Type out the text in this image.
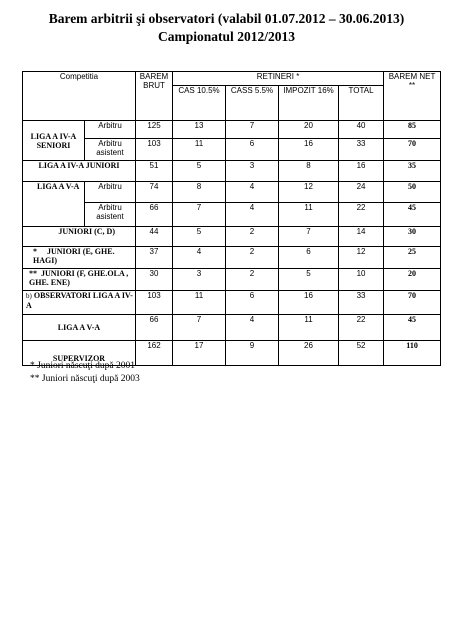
Barem arbitrii şi observatori (valabil 01.07.2012 – 30.06.2013)
Campionatul 2012/2013
Competitia		BAREM BRUT	RETINERI *				BAREM NET **
			CAS 10.5%	CASS 5.5%	IMPOZIT 16%	TOTAL	
LIGA A IV-A SENIORI	Arbitru	125	13	7	20	40	85
	Arbitru asistent	103	11	6	16	33	70
LIGA A IV-A JUNIORI		51	5	3	8	16	35
LIGA A V-A	Arbitru	74	8	4	12	24	50
	Arbitru asistent	66	7	4	11	22	45
JUNIORI (C, D)		44	5	2	7	14	30
*     JUNIORI (E, GHE. HAGI)		37	4	2	6	12	25
**  JUNIORI (F, GHE.OLA , GHE. ENE)		30	3	2	5	10	20
b) OBSERVATORI LIGA A IV-A		103	11	6	16	33	70
LIGA A V-A		66	7	4	11	22	45
SUPERVIZOR		162	17	9	26	52	110
* Juniori născuţi după 2001
** Juniori născuţi după 2003
